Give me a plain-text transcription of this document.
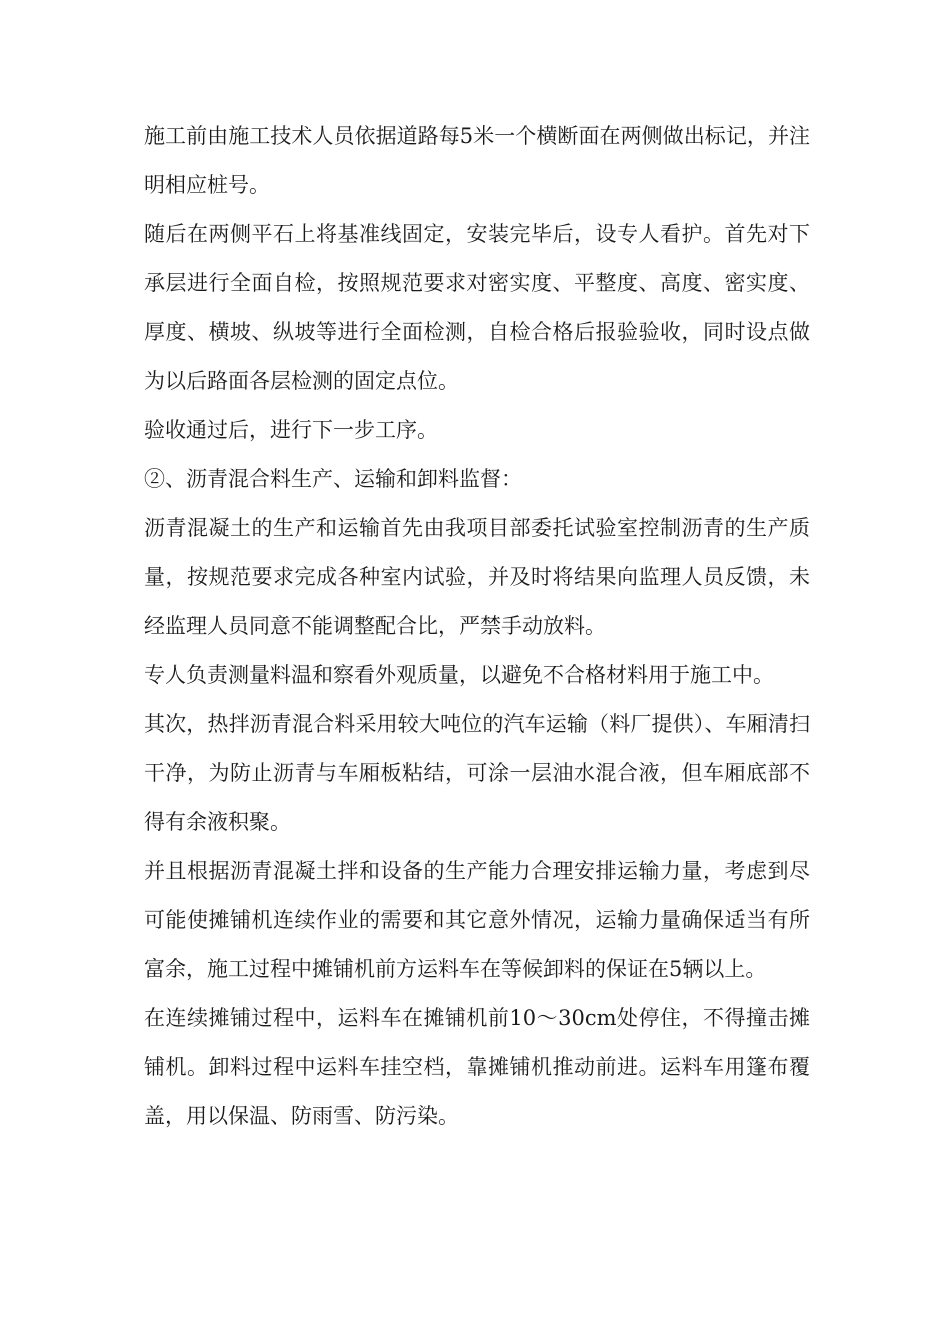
施工前由施工技术人员依据道路每5米一个横断面在两侧做出标记，并注明相应桩号。

随后在两侧平石上将基准线固定，安装完毕后，设专人看护。首先对下承层进行全面自检，按照规范要求对密实度、平整度、高度、密实度、厚度、横坡、纵坡等进行全面检测，自检合格后报验验收，同时设点做为以后路面各层检测的固定点位。

验收通过后，进行下一步工序。

②、沥青混合料生产、运输和卸料监督：

沥青混凝土的生产和运输首先由我项目部委托试验室控制沥青的生产质量，按规范要求完成各种室内试验，并及时将结果向监理人员反馈，未经监理人员同意不能调整配合比，严禁手动放料。

专人负责测量料温和察看外观质量，以避免不合格材料用于施工中。

其次，热拌沥青混合料采用较大吨位的汽车运输（料厂提供）、车厢清扫干净，为防止沥青与车厢板粘结，可涂一层油水混合液，但车厢底部不得有余液积聚。

并且根据沥青混凝土拌和设备的生产能力合理安排运输力量，考虑到尽可能使摊铺机连续作业的需要和其它意外情况，运输力量确保适当有所富余，施工过程中摊铺机前方运料车在等候卸料的保证在5辆以上。

在连续摊铺过程中，运料车在摊铺机前10～30cm处停住，不得撞击摊铺机。卸料过程中运料车挂空档，靠摊铺机推动前进。运料车用篷布覆盖，用以保温、防雨雪、防污染。
